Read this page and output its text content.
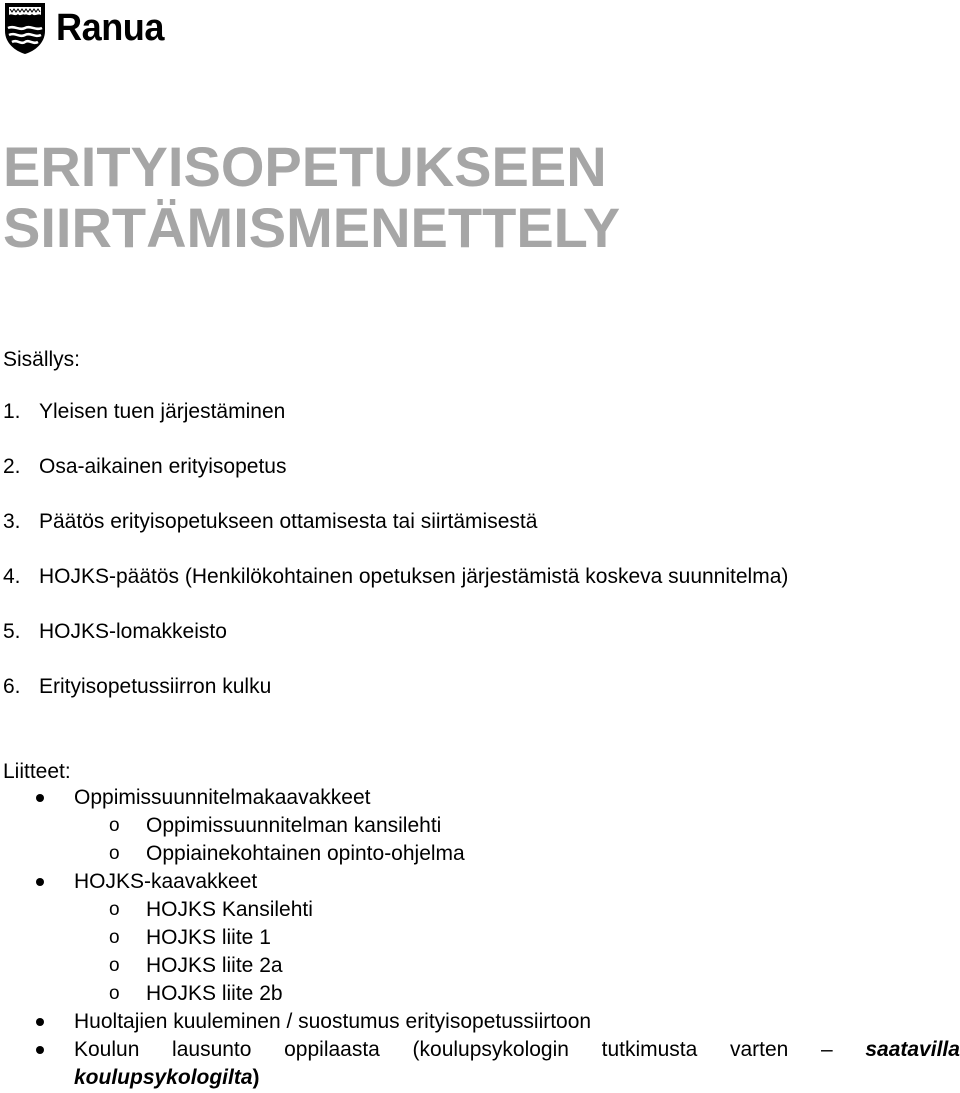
Ranua
ERITYISOPETUKSEEN
SIIRTÄMISMENETTELY

Sisällys:

1. Yleisen tuen järjestäminen
2. Osa-aikainen erityisopetus
3. Päätös erityisopetukseen ottamisesta tai siirtämisestä
4. HOJKS-päätös (Henkilökohtainen opetuksen järjestämistä koskeva suunnitelma)
5. HOJKS-lomakkeisto
6. Erityisopetussiirron kulku

Liitteet:

Oppimissuunnitelmakaavakkeet
o Oppimissuunnitelman kansilehti
o Oppiainekohtainen opinto-ohjelma
HOJKS-kaavakkeet
o HOJKS Kansilehti
o HOJKS liite 1
o HOJKS liite 2a
o HOJKS liite 2b
Huoltajien kuuleminen / suostumus erityisopetussiirtoon
Koulun lausunto oppilaasta (koulupsykologin tutkimusta varten – saatavilla
koulupsykologilta)
